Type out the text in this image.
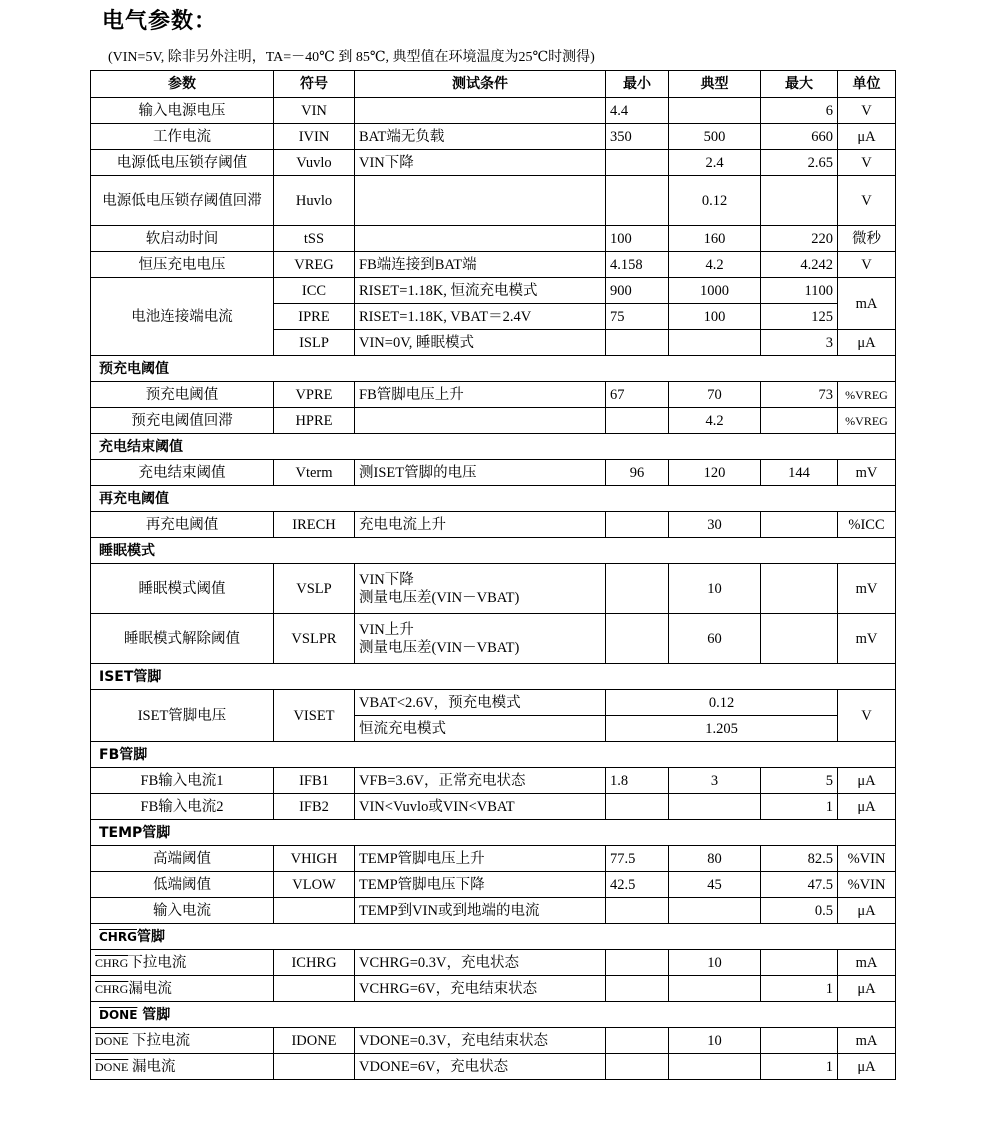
电气参数：
(VIN=5V, 除非另外注明，TA=－40℃ 到 85℃, 典型值在环境温度为25℃时测得)
参数	符号	测试条件	最小	典型	最大	单位
输入电源电压	VIN		4.4		6	V
工作电流	IVIN	BAT端无负载	350	500	660	μA
电源低电压锁存阈值	Vuvlo	VIN下降		2.4	2.65	V
电源低电压锁存阈值回滞	Huvlo			0.12		V
软启动时间	tSS		100	160	220	微秒
恒压充电电压	VREG	FB端连接到BAT端	4.158	4.2	4.242	V
电池连接端电流	ICC	RISET=1.18K, 恒流充电模式	900	1000	1100	mA
	IPRE	RISET=1.18K, VBAT＝2.4V	75	100	125	
	ISLP	VIN=0V, 睡眠模式			3	μA
预充电阈值						
预充电阈值	VPRE	FB管脚电压上升	67	70	73	%VREG
预充电阈值回滞	HPRE			4.2		%VREG
充电结束阈值						
充电结束阈值	Vterm	测ISET管脚的电压	96	120	144	mV
再充电阈值						
再充电阈值	IRECH	充电电流上升		30		%ICC
睡眠模式						
睡眠模式阈值	VSLP	VIN下降
测量电压差(VIN－VBAT)		10		mV
睡眠模式解除阈值	VSLPR	VIN上升
测量电压差(VIN－VBAT)		60		mV
ISET管脚						
ISET管脚电压	VISET	VBAT<2.6V，预充电模式	0.12			V
		恒流充电模式	1.205			
FB管脚						
FB输入电流1	IFB1	VFB=3.6V，正常充电状态	1.8	3	5	μA
FB输入电流2	IFB2	VIN<Vuvlo或VIN<VBAT			1	μA
TEMP管脚						
高端阈值	VHIGH	TEMP管脚电压上升	77.5	80	82.5	%VIN
低端阈值	VLOW	TEMP管脚电压下降	42.5	45	47.5	%VIN
输入电流		TEMP到VIN或到地端的电流			0.5	μA
CHRG管脚						
CHRG下拉电流	ICHRG	VCHRG=0.3V，充电状态		10		mA
CHRG漏电流		VCHRG=6V，充电结束状态			1	μA
DONE 管脚						
DONE 下拉电流	IDONE	VDONE=0.3V，充电结束状态		10		mA
DONE 漏电流		VDONE=6V，充电状态			1	μA
